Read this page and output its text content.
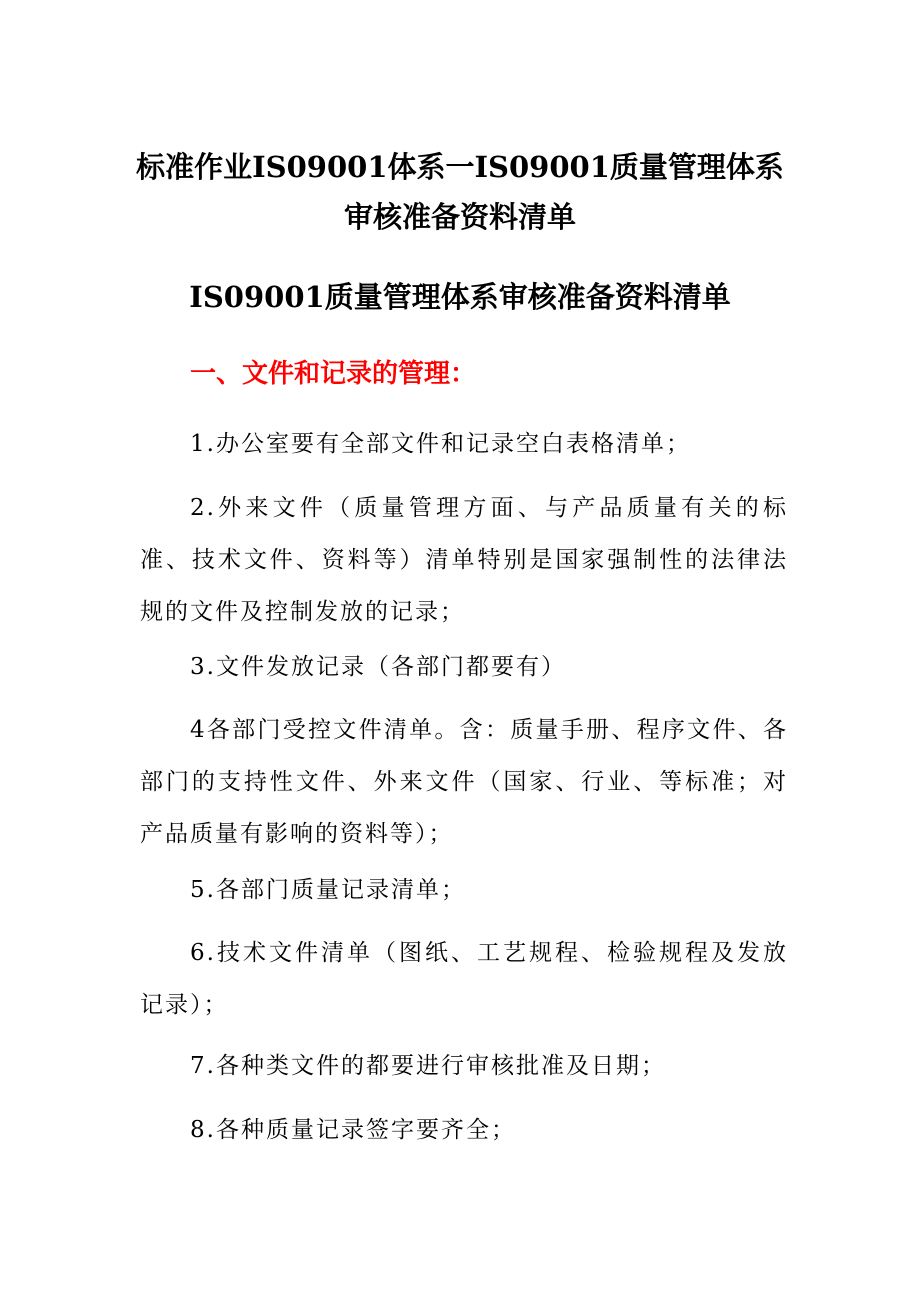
标准作业IS09001体系一IS09001质量管理体系审核准备资料清单
IS09001质量管理体系审核准备资料清单
一、文件和记录的管理：

1.办公室要有全部文件和记录空白表格清单；

2.外来文件（质量管理方面、与产品质量有关的标准、技术文件、资料等）清单特别是国家强制性的法律法规的文件及控制发放的记录；

3.文件发放记录（各部门都要有）

4各部门受控文件清单。含：质量手册、程序文件、各部门的支持性文件、外来文件（国家、行业、等标准；对产品质量有影响的资料等）；

5.各部门质量记录清单；

6.技术文件清单（图纸、工艺规程、检验规程及发放记录）；

7.各种类文件的都要进行审核批准及日期；

8.各种质量记录签字要齐全；
